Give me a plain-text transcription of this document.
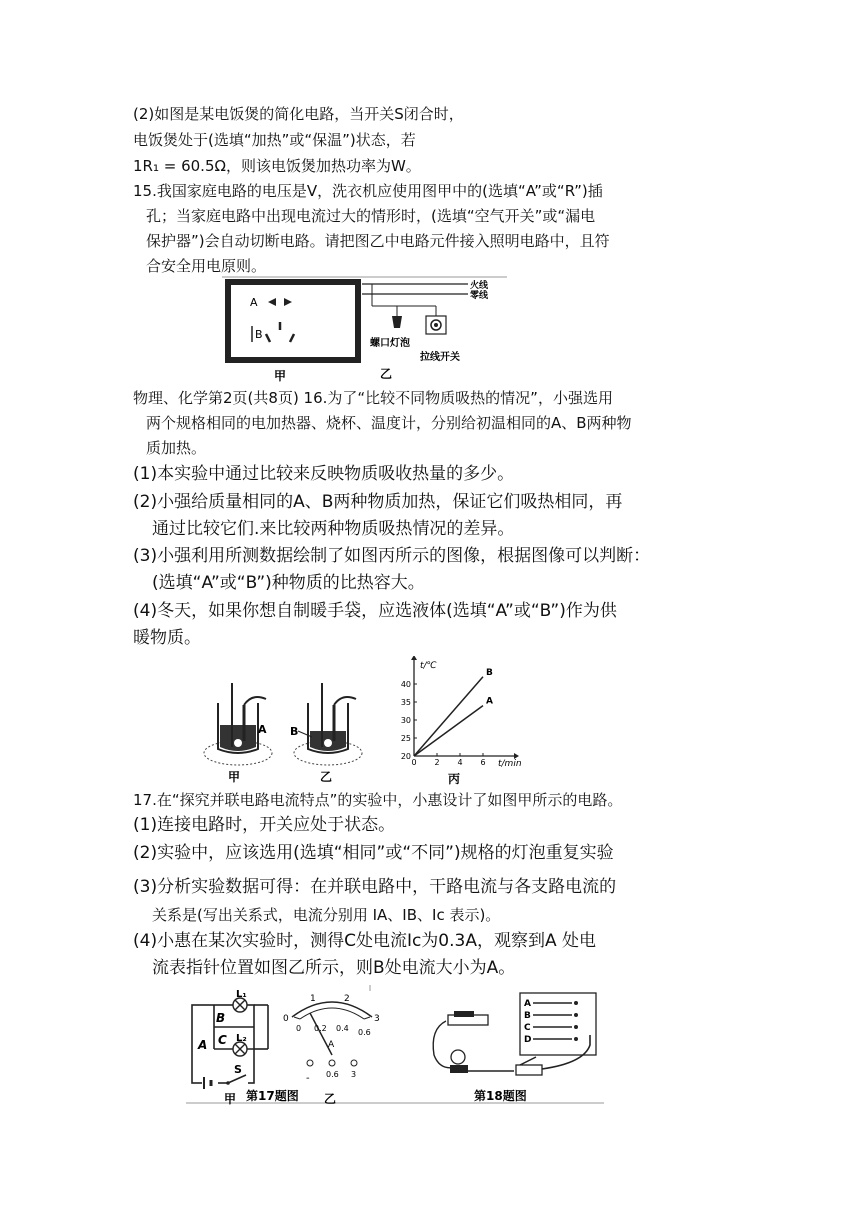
(2)如图是某电饭煲的简化电路，当开关S闭合时，
电饭煲处于(选填“加热”或“保温”)状态，若
1R₁ = 60.5Ω，则该电饭煲加热功率为W。
15.我国家庭电路的电压是V，洗衣机应使用图甲中的(选填“A”或“R”)插
孔；当家庭电路中出现电流过大的情形时，(选填“空气开关”或“漏电
保护器”)会自动切断电路。请把图乙中电路元件接入照明电路中，且符
合安全用电原则。
A
B
甲
火线
零线
螺口灯泡
拉线开关
乙
物理、化学第2页(共8页) 16.为了“比较不同物质吸热的情况”，小强选用
两个规格相同的电加热器、烧杯、温度计，分别给初温相同的A、B两种物
质加热。
(1)本实验中通过比较来反映物质吸收热量的多少。
(2)小强给质量相同的A、B两种物质加热，保证它们吸热相同，再
通过比较它们.来比较两种物质吸热情况的差异。
(3)小强利用所测数据绘制了如图丙所示的图像，根据图像可以判断：
(选填“A”或“B”)种物质的比热容大。
(4)冬天，如果你想自制暖手袋，应选液体(选填“A”或“B”)作为供
暖物质。
A
甲
B
乙
20
25
30
35
40
0 2 4 6
B
A
t/℃
t/min
丙
17.在“探究并联电路电流特点”的实验中，小惠设计了如图甲所示的电路。
(1)连接电路时，开关应处于状态。
(2)实验中，应该选用(选填“相同”或“不同”)规格的灯泡重复实验
(3)分析实验数据可得：在并联电路中，干路电流与各支路电流的
关系是(写出关系式，电流分别用 IA、IB、Ic 表示)。
(4)小惠在某次实验时，测得C处电流Ic为0.3A，观察到A 处电
流表指针位置如图乙所示，则B处电流大小为A。
L₁
L₂
B
C
A
S
甲
0
1	2
3
0 0.2 0.4 0.6
A
- 0.6 3
乙
第17题图
A
B
C
D
第18题图
